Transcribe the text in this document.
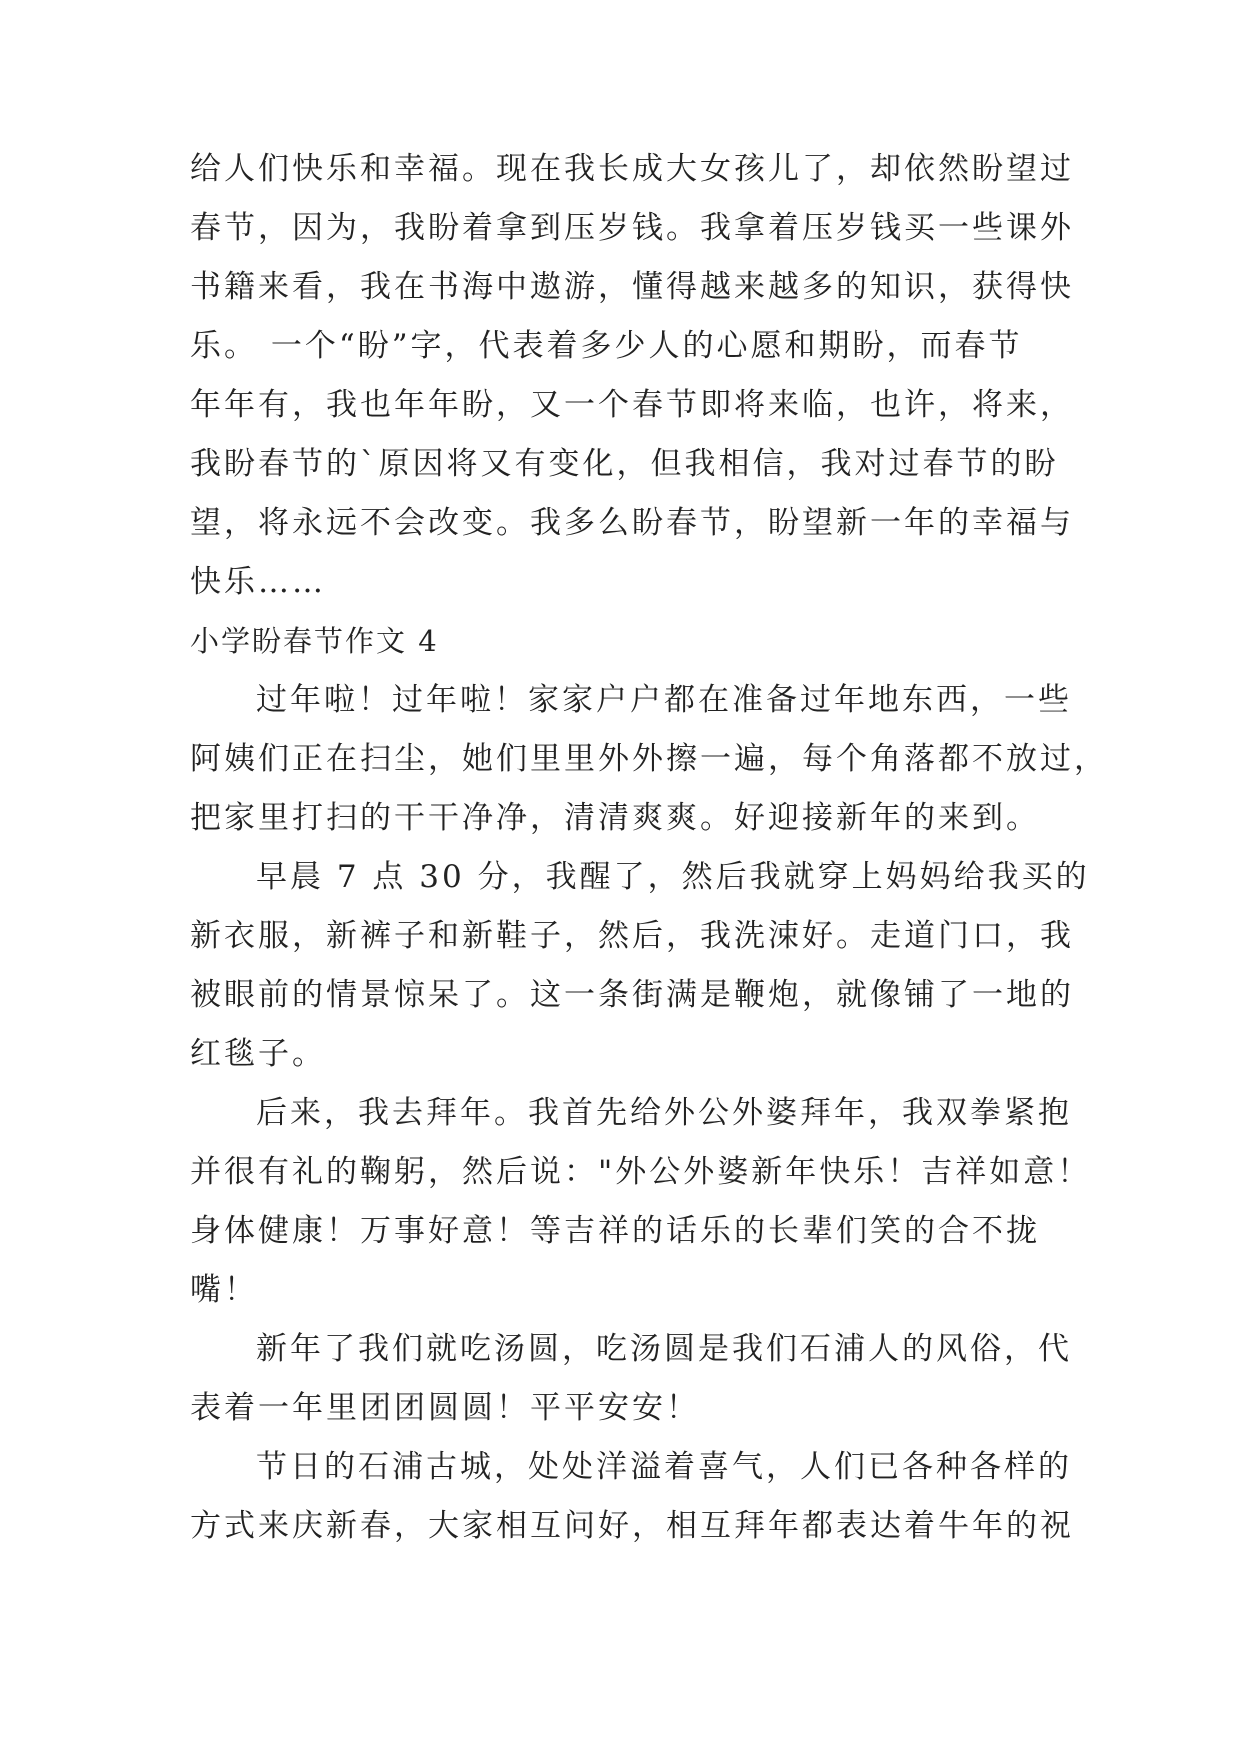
给人们快乐和幸福。现在我长成大女孩儿了，却依然盼望过
春节，因为，我盼着拿到压岁钱。我拿着压岁钱买一些课外
书籍来看，我在书海中遨游，懂得越来越多的知识，获得快
乐。 一个“盼”字，代表着多少人的心愿和期盼，而春节
年年有，我也年年盼，又一个春节即将来临，也许，将来，
我盼春节的`原因将又有变化，但我相信，我对过春节的盼
望，将永远不会改变。我多么盼春节，盼望新一年的幸福与
快乐……
小学盼春节作文 4
过年啦！过年啦！家家户户都在准备过年地东西，一些
阿姨们正在扫尘，她们里里外外擦一遍，每个角落都不放过，
把家里打扫的干干净净，清清爽爽。好迎接新年的来到。
早晨 7 点 30 分，我醒了，然后我就穿上妈妈给我买的
新衣服，新裤子和新鞋子，然后，我洗涑好。走道门口，我
被眼前的情景惊呆了。这一条街满是鞭炮，就像铺了一地的
红毯子。
后来，我去拜年。我首先给外公外婆拜年，我双拳紧抱
并很有礼的鞠躬，然后说："外公外婆新年快乐！吉祥如意！
身体健康！万事好意！等吉祥的话乐的长辈们笑的合不拢
嘴！
新年了我们就吃汤圆，吃汤圆是我们石浦人的风俗，代
表着一年里团团圆圆！平平安安！
节日的石浦古城，处处洋溢着喜气，人们已各种各样的
方式来庆新春，大家相互问好，相互拜年都表达着牛年的祝
